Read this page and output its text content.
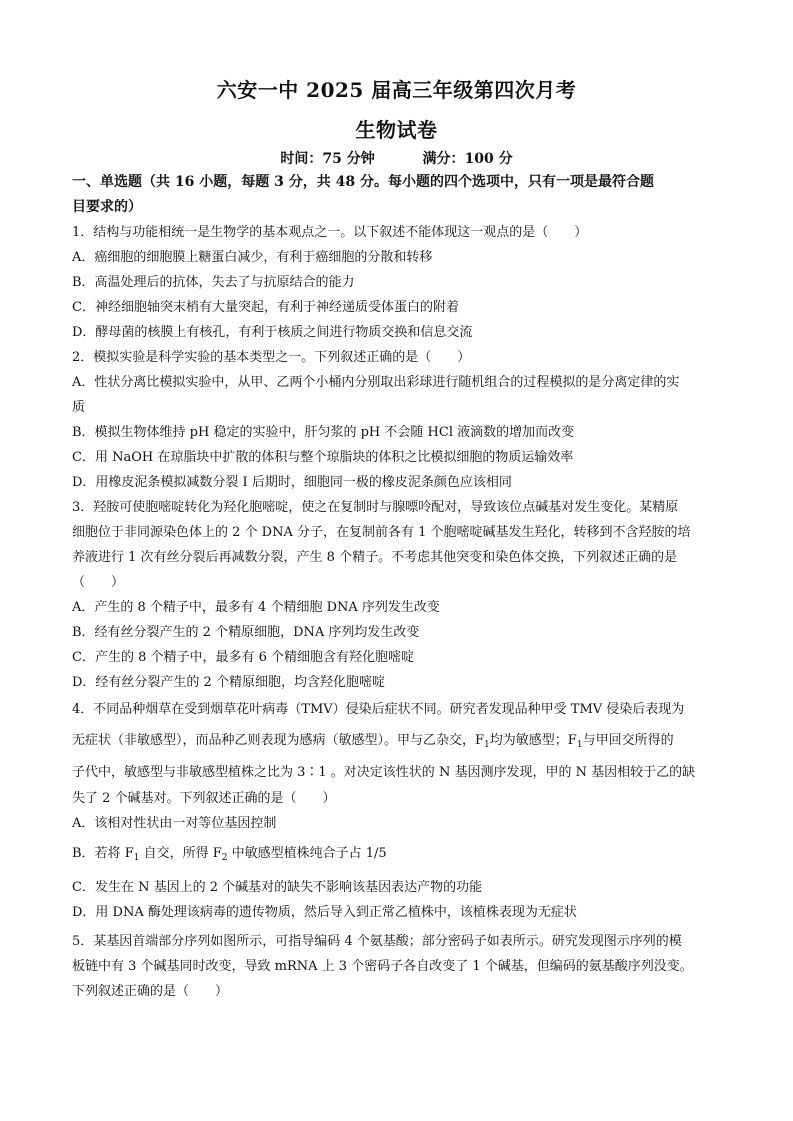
六安一中 2025 届高三年级第四次月考
生物试卷
时间：75 分钟	满分：100 分
一、单选题（共 16 小题，每题 3 分，共 48 分。每小题的四个选项中，只有一项是最符合题
目要求的）
1．结构与功能相统一是生物学的基本观点之一。以下叙述不能体现这一观点的是（　　）
A．癌细胞的细胞膜上糖蛋白减少，有利于癌细胞的分散和转移
B．高温处理后的抗体，失去了与抗原结合的能力
C．神经细胞轴突末梢有大量突起，有利于神经递质受体蛋白的附着
D．酵母菌的核膜上有核孔，有利于核质之间进行物质交换和信息交流
2．模拟实验是科学实验的基本类型之一。下列叙述正确的是（　　）
A．性状分离比模拟实验中，从甲、乙两个小桶内分别取出彩球进行随机组合的过程模拟的是分离定律的实
质
B．模拟生物体维持 pH 稳定的实验中，肝匀浆的 pH 不会随 HCl 液滴数的增加而改变
C．用 NaOH 在琼脂块中扩散的体积与整个琼脂块的体积之比模拟细胞的物质运输效率
D．用橡皮泥条模拟减数分裂 Ⅰ 后期时，细胞同一极的橡皮泥条颜色应该相同
3．羟胺可使胞嘧啶转化为羟化胞嘧啶，使之在复制时与腺嘌呤配对，导致该位点碱基对发生变化。某精原
细胞位于非同源染色体上的 2 个 DNA 分子，在复制前各有 1 个胞嘧啶碱基发生羟化，转移到不含羟胺的培
养液进行 1 次有丝分裂后再减数分裂，产生 8 个精子。不考虑其他突变和染色体交换，下列叙述正确的是
（　　）
A．产生的 8 个精子中，最多有 4 个精细胞 DNA 序列发生改变
B．经有丝分裂产生的 2 个精原细胞，DNA 序列均发生改变
C．产生的 8 个精子中，最多有 6 个精细胞含有羟化胞嘧啶
D．经有丝分裂产生的 2 个精原细胞，均含羟化胞嘧啶
4．不同品种烟草在受到烟草花叶病毒（TMV）侵染后症状不同。研究者发现品种甲受 TMV 侵染后表现为
无症状（非敏感型），而品种乙则表现为感病（敏感型）。甲与乙杂交，$F_1$均为敏感型；$F_1$与甲回交所得的
子代中，敏感型与非敏感型植株之比为 3∶1 。对决定该性状的 N 基因测序发现，甲的 N 基因相较于乙的缺
失了 2 个碱基对。下列叙述正确的是（　　）
A．该相对性状由一对等位基因控制
B．若将 $F_1$ 自交，所得 $F_2$ 中敏感型植株纯合子占 1/5
C．发生在 N 基因上的 2 个碱基对的缺失不影响该基因表达产物的功能
D．用 DNA 酶处理该病毒的遗传物质，然后导入到正常乙植株中，该植株表现为无症状
5．某基因首端部分序列如图所示，可指导编码 4 个氨基酸；部分密码子如表所示。研究发现图示序列的模
板链中有 3 个碱基同时改变，导致 mRNA 上 3 个密码子各自改变了 1 个碱基，但编码的氨基酸序列没变。
下列叙述正确的是（　　）
